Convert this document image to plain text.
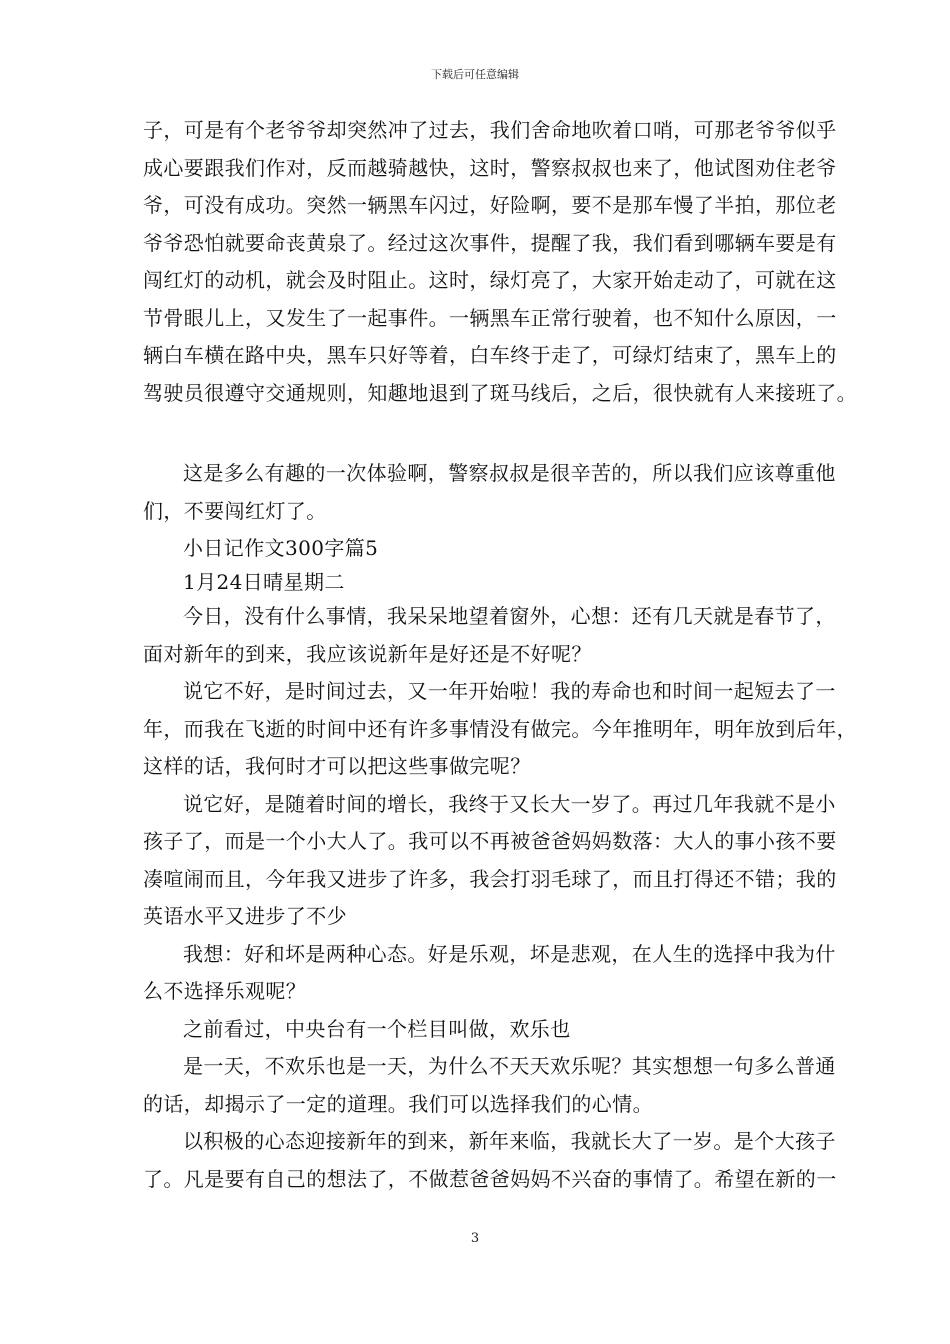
下载后可任意编辑
子，可是有个老爷爷却突然冲了过去，我们舍命地吹着口哨，可那老爷爷似乎
成心要跟我们作对，反而越骑越快，这时，警察叔叔也来了，他试图劝住老爷
爷，可没有成功。突然一辆黑车闪过，好险啊，要不是那车慢了半拍，那位老
爷爷恐怕就要命丧黄泉了。经过这次事件，提醒了我，我们看到哪辆车要是有
闯红灯的动机，就会及时阻止。这时，绿灯亮了，大家开始走动了，可就在这
节骨眼儿上，又发生了一起事件。一辆黑车正常行驶着，也不知什么原因，一
辆白车横在路中央，黑车只好等着，白车终于走了，可绿灯结束了，黑车上的
驾驶员很遵守交通规则，知趣地退到了斑马线后，之后，很快就有人来接班了。
这是多么有趣的一次体验啊，警察叔叔是很辛苦的，所以我们应该尊重他
们，不要闯红灯了。
小日记作文300字篇5
1月24日晴星期二
今日，没有什么事情，我呆呆地望着窗外，心想：还有几天就是春节了，
面对新年的到来，我应该说新年是好还是不好呢？
说它不好，是时间过去，又一年开始啦！我的寿命也和时间一起短去了一
年，而我在飞逝的时间中还有许多事情没有做完。今年推明年，明年放到后年，
这样的话，我何时才可以把这些事做完呢？
说它好，是随着时间的增长，我终于又长大一岁了。再过几年我就不是小
孩子了，而是一个小大人了。我可以不再被爸爸妈妈数落：大人的事小孩不要
凑喧闹而且，今年我又进步了许多，我会打羽毛球了，而且打得还不错；我的
英语水平又进步了不少
我想：好和坏是两种心态。好是乐观，坏是悲观，在人生的选择中我为什
么不选择乐观呢？
之前看过，中央台有一个栏目叫做，欢乐也
是一天，不欢乐也是一天，为什么不天天欢乐呢？其实想想一句多么普通
的话，却揭示了一定的道理。我们可以选择我们的心情。
以积极的心态迎接新年的到来，新年来临，我就长大了一岁。是个大孩子
了。凡是要有自己的想法了，不做惹爸爸妈妈不兴奋的事情了。希望在新的一
3
